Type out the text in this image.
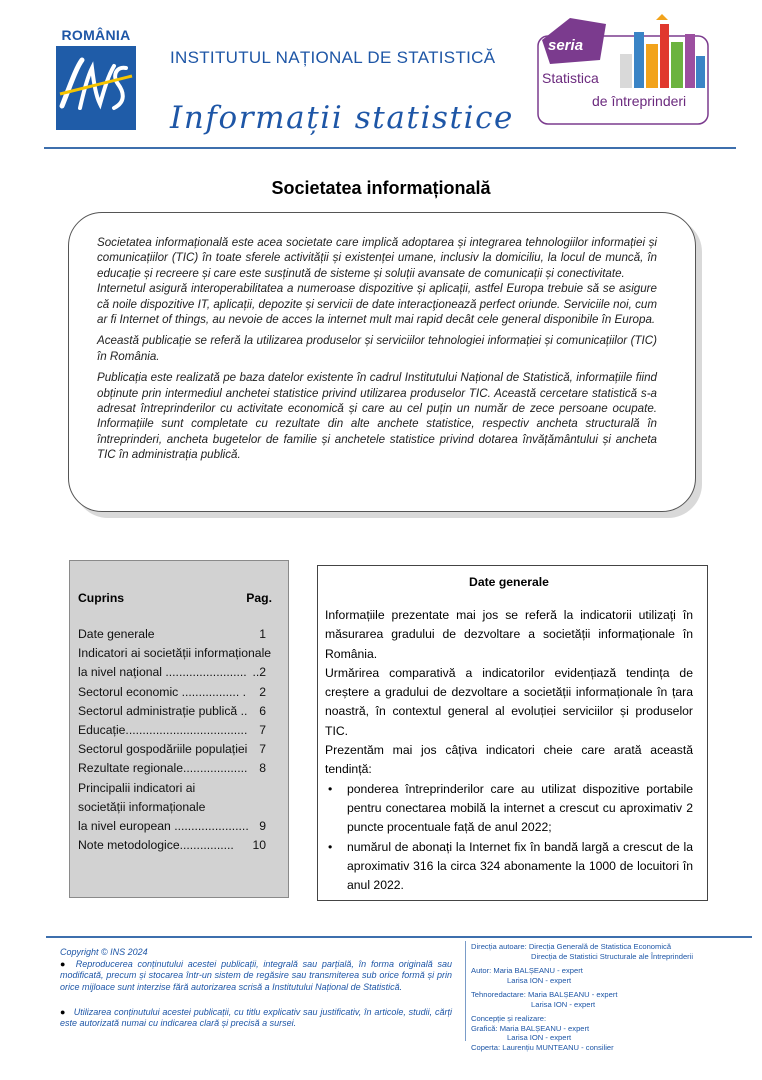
ROMÂNIA
INSTITUTUL NAȚIONAL DE STATISTICĂ
Informații statistice
seria
Statistica
de întreprinderi
Societatea informațională

Societatea informațională este acea societate care implică adoptarea și integrarea tehnologiilor informației și comunicațiilor (TIC) în toate sferele activității și existenței umane, inclusiv la domiciliu, la locul de muncă, în educație și recreere și care este susținută de sisteme și soluții avansate de comunicații și conectivitate.

Internetul asigură interoperabilitatea a numeroase dispozitive și aplicații, astfel Europa trebuie să se asigure că noile dispozitive IT, aplicații, depozite și servicii de date interacţionează perfect oriunde. Serviciile noi, cum ar fi Internet of things, au nevoie de acces la internet mult mai rapid decât cele general disponibile în Europa.

Această publicație se referă la utilizarea produselor și serviciilor tehnologiei informației și comunicațiilor (TIC) în România.

Publicația este realizată pe baza datelor existente în cadrul Institutului Național de Statistică, informațiile fiind obținute prin intermediul anchetei statistice privind utilizarea produselor TIC. Această cercetare statistică s-a adresat întreprinderilor cu activitate economică și care au cel puțin un număr de zece persoane ocupate. Informațiile sunt completate cu rezultate din alte anchete statistice, respectiv ancheta structurală în întreprinderi, ancheta bugetelor de familie și anchetele statistice privind dotarea învățământului și ancheta TIC în administrația publică.

Cuprins	Pag.
Date generale	1
Indicatori ai societății informaționale
la nivel național ........................ ..2
Sectorul economic ................. . 2
Sectorul administrație publică .. 6
Educație.................................... 7
Sectorul gospodăriile populației 7
Rezultate regionale................... 8
Principalii indicatori ai
societății informaționale
la nivel european ...................... 9
Note metodologice................ 10
Date generale

Informațiile prezentate mai jos se referă la indicatorii utilizați în măsurarea gradului de dezvoltare a societății informaționale în România.

Urmărirea comparativă a indicatorilor evidențiază tendința de creștere a gradului de dezvoltare a societății informaționale în țara noastră, în contextul general al evoluției serviciilor și produselor TIC.

Prezentăm mai jos câțiva indicatori cheie care arată această tendință:

• ponderea întreprinderilor care au utilizat dispozitive portabile pentru conectarea mobilă la internet a crescut cu aproximativ 2 puncte procentuale față de anul 2022;
• numărul de abonați la Internet fix în bandă largă a crescut de la aproximativ 316 la circa 324 abonamente la 1000 de locuitori în anul 2022.
Copyright © INS 2024
● Reproducerea conținutului acestei publicații, integrală sau parțială, în forma originală sau modificată, precum și stocarea într-un sistem de regăsire sau transmiterea sub orice formă și prin orice mijloace sunt interzise fără autorizarea scrisă a Institutului Național de Statistică.
● Utilizarea conținutului acestei publicații, cu titlu explicativ sau justificativ, în articole, studii, cărți este autorizată numai cu indicarea clară și precisă a sursei.
Direcția autoare: Direcția Generală de Statistica Economică
Direcția de Statistici Structurale ale Întreprinderii
Autor: Maria BALȘEANU - expert
Larisa ION - expert
Tehnoredactare: Maria BALȘEANU - expert
Larisa ION - expert
Concepție și realizare:
Grafică: Maria BALȘEANU - expert
Larisa ION - expert
Coperta: Laurențiu MUNTEANU - consilier
